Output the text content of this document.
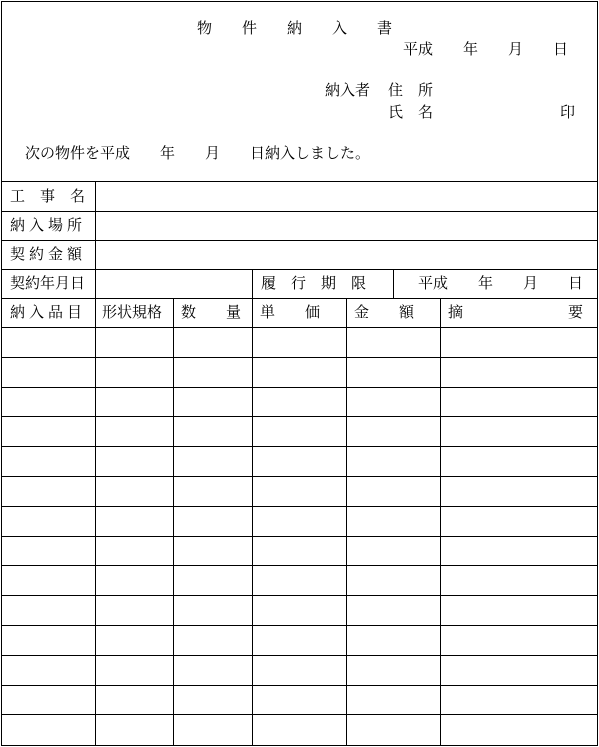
物　　件　　納　　入　　書
平成　　年　　月　　日
納入者 住　所
氏　名	印
次の物件を平成　　年　　月　　日納入しました。
工　事　名
納入場所
契約金額
契約年月日	履　行　期　限	平成　　年　　月　　日
納入品目 形状規格 数　　量 単　　価 金　　額 摘　　　　　　　要
